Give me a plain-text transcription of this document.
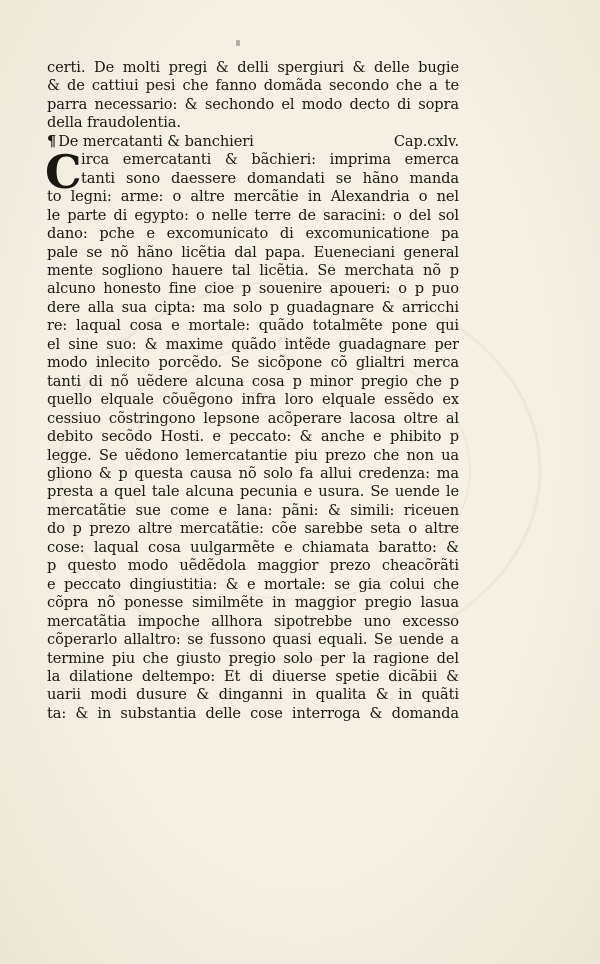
certi. De molti pregi & delli spergiuri & delle bugie
& de cattiui pesi che fanno domãda secondo che a te
parra necessario: & sechondo el modo decto di sopra
della fraudolentia.
¶ De mercatanti & banchieri	Cap.cxlv.
C irca emercatanti & bãchieri: imprima emerca
tanti sono daessere domandati se hãno manda
to legni: arme: o altre mercãtie in Alexandria o nel
le parte di egypto: o nelle terre de saracini: o del sol
dano: pche e excomunicato di excomunicatione pa
pale se nõ hãno licẽtia dal papa. Eueneciani general
mente sogliono hauere tal licẽtia. Se merchata nõ p
alcuno honesto fine cioe p souenire apoueri: o p puo
dere alla sua cipta: ma solo p guadagnare & arricchi
re: laqual cosa e mortale: quãdo totalmẽte pone qui
el sine suo: & maxime quãdo intẽde guadagnare per
modo inlecito porcẽdo. Se sicõpone cõ glialtri merca
tanti di nõ uẽdere alcuna cosa p minor pregio che p
quello elquale cõuẽgono infra loro elquale essẽdo ex
cessiuo cõstringono lepsone acõperare lacosa oltre al
debito secõdo Hosti. e peccato: & anche e phibito p
legge. Se uẽdono lemercatantie piu prezo che non ua
gliono & p questa causa nõ solo fa allui credenza: ma
presta a quel tale alcuna pecunia e usura. Se uende le
mercatãtie sue come e lana: pãni: & simili: riceuen
do p prezo altre mercatãtie: cõe sarebbe seta o altre
cose: laqual cosa uulgarmẽte e chiamata baratto: &
p questo modo uẽdẽdola maggior prezo cheacõrãti
e peccato dingiustitia: & e mortale: se gia colui che
cõpra nõ ponesse similmẽte in maggior pregio lasua
mercatãtia impoche allhora sipotrebbe uno excesso
cõperarlo allaltro: se fussono quasi equali. Se uende a
termine piu che giusto pregio solo per la ragione del
la dilatione deltempo: Et di diuerse spetie dicãbii &
uarii modi dusure & dinganni in qualita & in quãti
ta: & in substantia delle cose interroga & domanda
